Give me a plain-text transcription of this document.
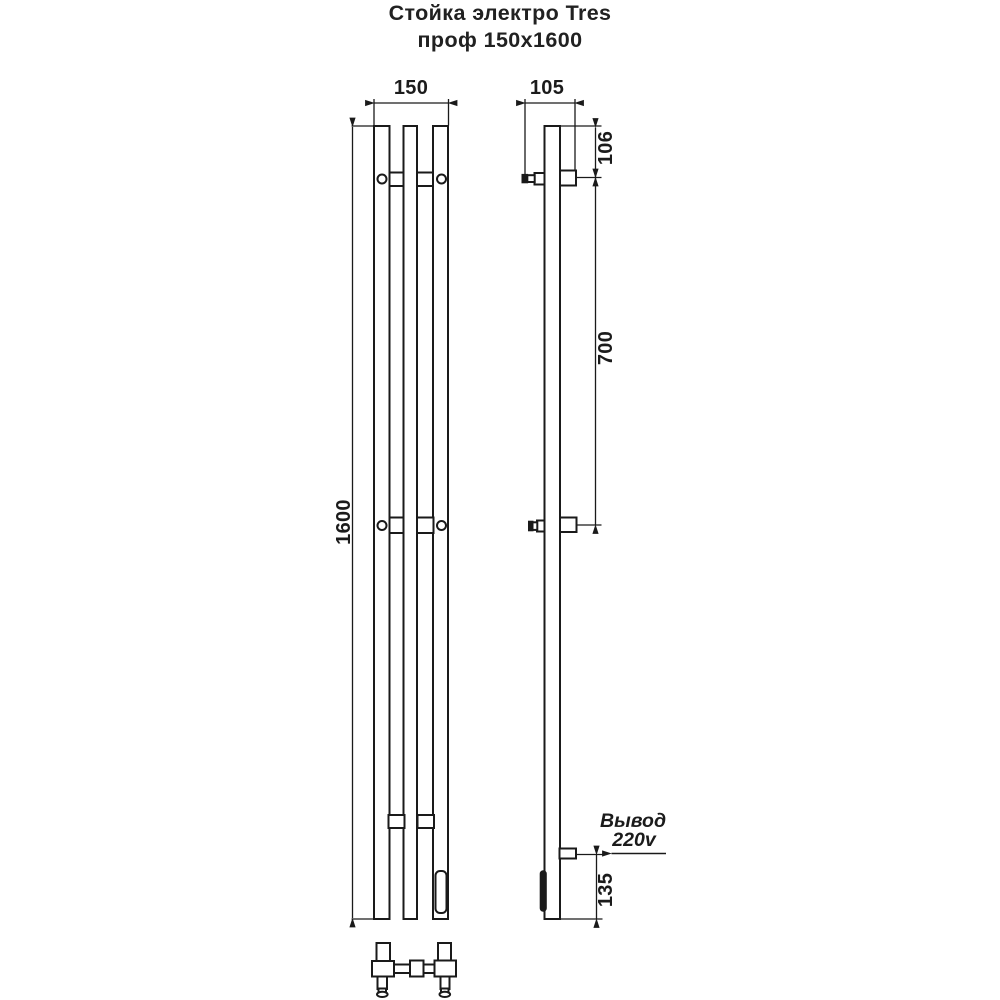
Стойка электро Tres
проф 150x1600
150	105
1600
106
700
135
Вывод
220v
